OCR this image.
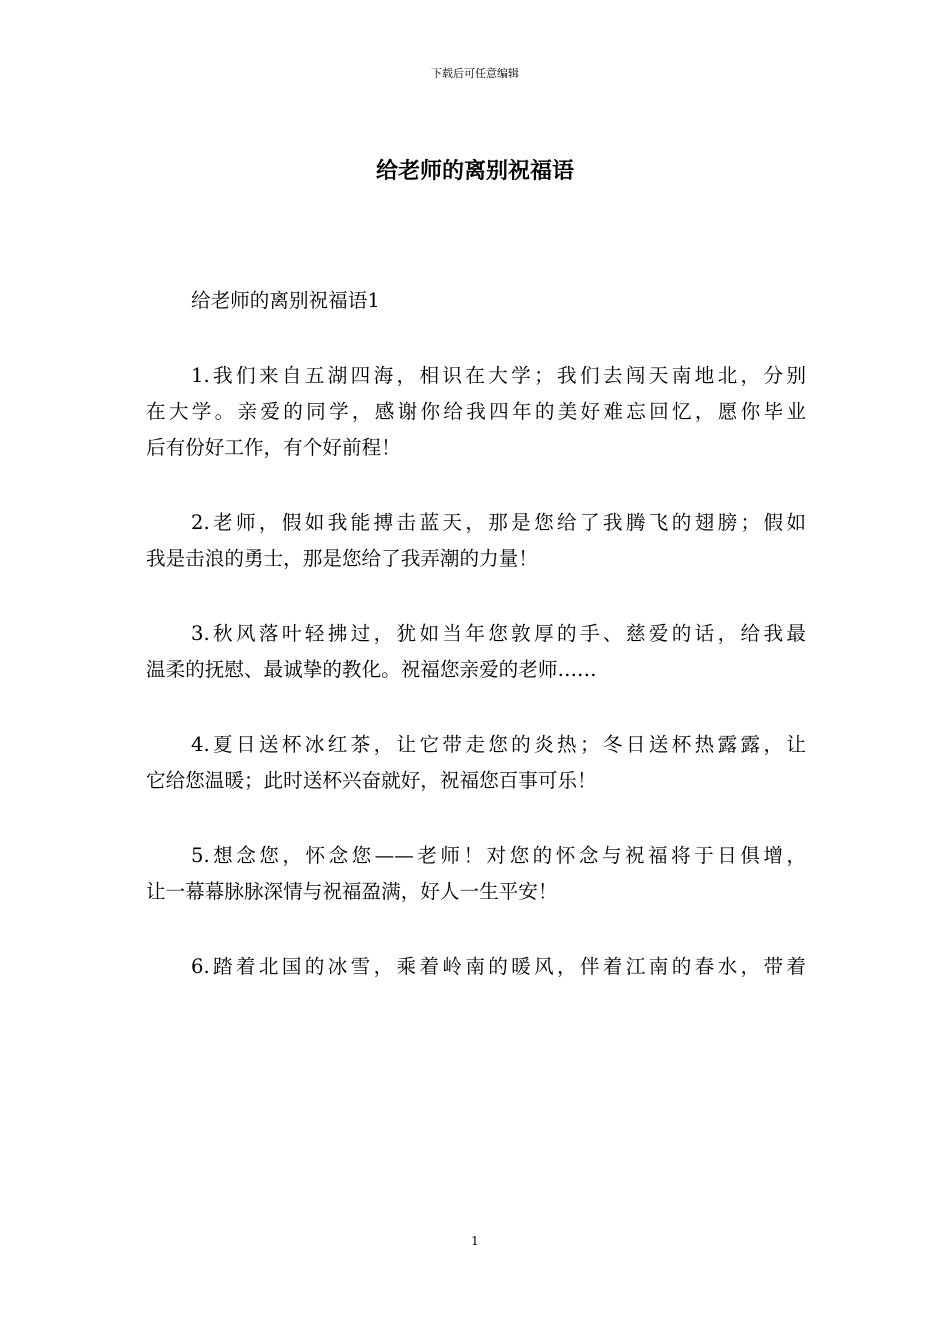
下载后可任意编辑
给老师的离别祝福语

给老师的离别祝福语1

1.我们来自五湖四海，相识在大学；我们去闯天南地北，分别
在大学。亲爱的同学，感谢你给我四年的美好难忘回忆，愿你毕业
后有份好工作，有个好前程！

2.老师，假如我能搏击蓝天，那是您给了我腾飞的翅膀；假如
我是击浪的勇士，那是您给了我弄潮的力量！

3.秋风落叶轻拂过，犹如当年您敦厚的手、慈爱的话，给我最
温柔的抚慰、最诚挚的教化。祝福您亲爱的老师……

4.夏日送杯冰红茶，让它带走您的炎热；冬日送杯热露露，让
它给您温暖；此时送杯兴奋就好，祝福您百事可乐！

5.想念您，怀念您——老师！对您的怀念与祝福将于日俱增，
让一幕幕脉脉深情与祝福盈满，好人一生平安！

6.踏着北国的冰雪，乘着岭南的暖风，伴着江南的春水，带着

1
